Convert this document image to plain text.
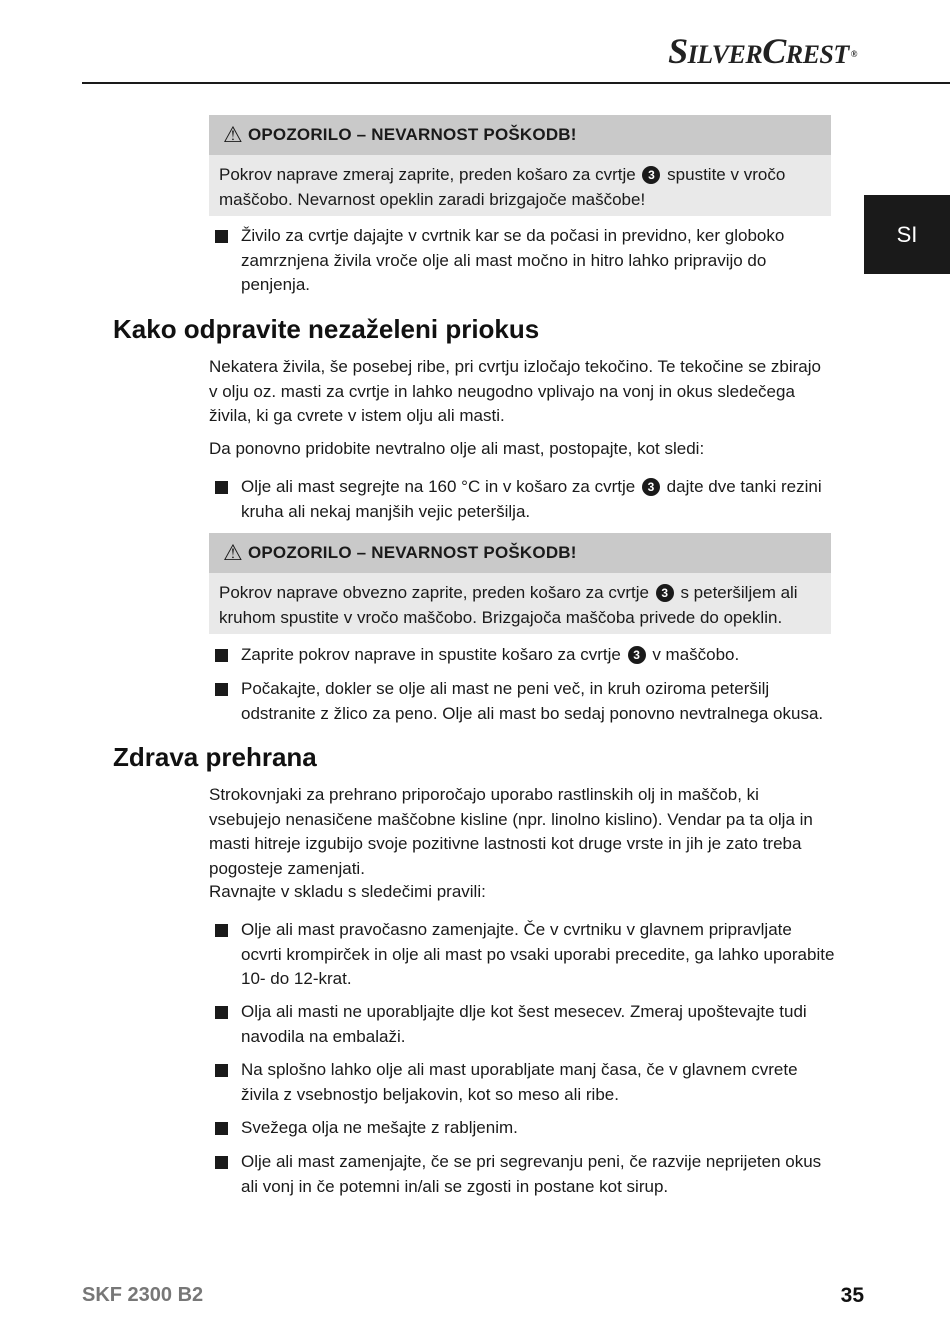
SILVERCREST ®
SI
⚠ OPOZORILO – NEVARNOST POŠKODB!
Pokrov naprave zmeraj zaprite, preden košaro za cvrtje 3 spustite v vročo maščobo. Nevarnost opeklin zaradi brizgajoče maščobe!
Živilo za cvrtje dajajte v cvrtnik kar se da počasi in previdno, ker globoko zamrznjena živila vroče olje ali mast močno in hitro lahko pripravijo do penjenja.
Kako odpravite nezaželeni priokus
Nekatera živila, še posebej ribe, pri cvrtju izločajo tekočino. Te tekočine se zbirajo v olju oz. masti za cvrtje in lahko neugodno vplivajo na vonj in okus sledečega živila, ki ga cvrete v istem olju ali masti.
Da ponovno pridobite nevtralno olje ali mast, postopajte, kot sledi:
Olje ali mast segrejte na 160 °C in v košaro za cvrtje 3 dajte dve tanki rezini kruha ali nekaj manjših vejic peteršilja.
⚠ OPOZORILO – NEVARNOST POŠKODB!
Pokrov naprave obvezno zaprite, preden košaro za cvrtje 3 s peteršiljem ali kruhom spustite v vročo maščobo. Brizgajoča maščoba privede do opeklin.
Zaprite pokrov naprave in spustite košaro za cvrtje 3 v maščobo.
Počakajte, dokler se olje ali mast ne peni več, in kruh oziroma peteršilj odstranite z žlico za peno. Olje ali mast bo sedaj ponovno nevtralnega okusa.
Zdrava prehrana
Strokovnjaki za prehrano priporočajo uporabo rastlinskih olj in maščob, ki vsebujejo nenasičene maščobne kisline (npr. linolno kislino). Vendar pa ta olja in masti hitreje izgubijo svoje pozitivne lastnosti kot druge vrste in jih je zato treba pogosteje zamenjati.
Ravnajte v skladu s sledečimi pravili:
Olje ali mast pravočasno zamenjajte. Če v cvrtniku v glavnem pripravljate ocvrti krompirček in olje ali mast po vsaki uporabi precedite, ga lahko uporabite 10- do 12-krat.
Olja ali masti ne uporabljajte dlje kot šest mesecev. Zmeraj upoštevajte tudi navodila na embalaži.
Na splošno lahko olje ali mast uporabljate manj časa, če v glavnem cvrete živila z vsebnostjo beljakovin, kot so meso ali ribe.
Svežega olja ne mešajte z rabljenim.
Olje ali mast zamenjajte, če se pri segrevanju peni, če razvije neprijeten okus ali vonj in če potemni in/ali se zgosti in postane kot sirup.
SKF 2300 B2	35
